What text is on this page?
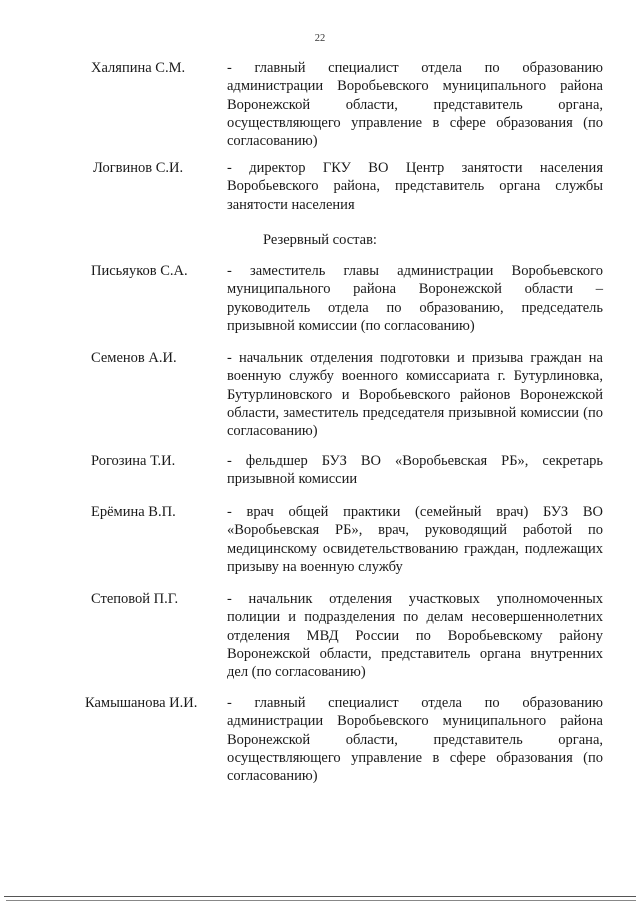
22
Халяпина С.М.	- главный специалист отдела по образованию администрации Воробьевского муниципального района Воронежской области, представитель органа, осуществляющего управление в сфере образования (по согласованию)
Логвинов С.И.	- директор ГКУ ВО Центр занятости населения Воробьевского района, представитель органа службы занятости населения
Резервный состав:
Письяуков С.А.	- заместитель главы администрации Воробьевского муниципального района Воронежской области – руководитель отдела по образованию, председатель призывной комиссии (по согласованию)
Семенов А.И.	- начальник отделения подготовки и призыва граждан на военную службу военного комиссариата г. Бутурлиновка, Бутурлиновского и Воробьевского районов Воронежской области, заместитель председателя призывной комиссии (по согласованию)
Рогозина Т.И.	- фельдшер БУЗ ВО «Воробьевская РБ», секретарь призывной комиссии
Ерёмина В.П.	- врач общей практики (семейный врач) БУЗ ВО «Воробьевская РБ», врач, руководящий работой по медицинскому освидетельствованию граждан, подлежащих призыву на военную службу
Степовой П.Г.	- начальник отделения участковых уполномоченных полиции и подразделения по делам несовершеннолетних отделения МВД России по Воробьевскому району Воронежской области, представитель органа внутренних дел (по согласованию)
Камышанова И.И. - главный специалист отдела по образованию администрации Воробьевского муниципального района Воронежской области, представитель органа, осуществляющего управление в сфере образования (по согласованию)
